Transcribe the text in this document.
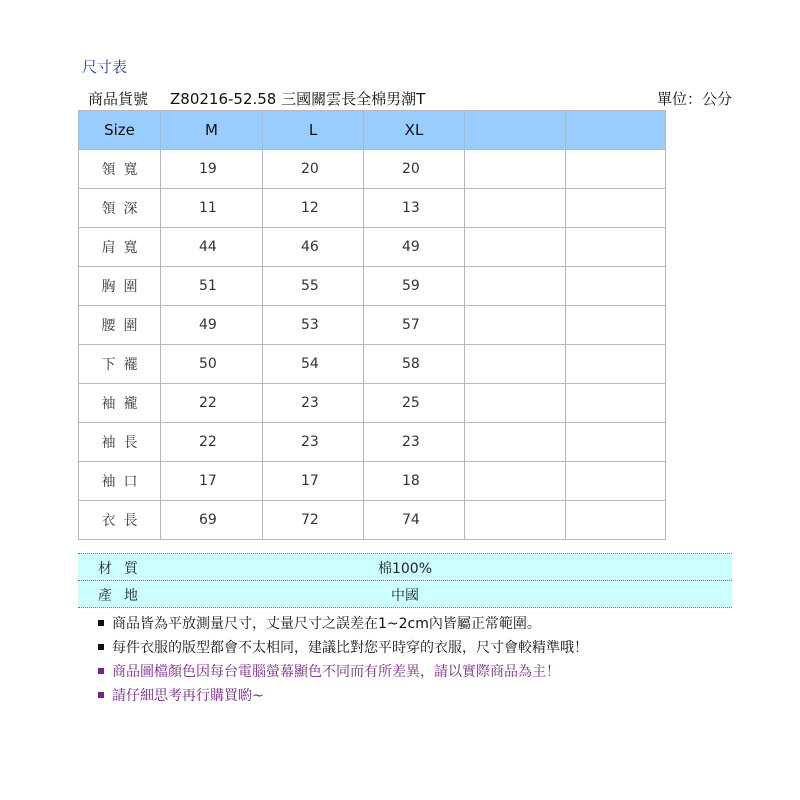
尺寸表
商品貨號 Z80216-52.58 三國關雲長全棉男潮T	單位：公分
Size	M	L	XL		
領寬	19	20	20		
領深	11	12	13		
肩寬	44	46	49		
胸圍	51	55	59		
腰圍	49	53	57		
下襬	50	54	58		
袖襱	22	23	25		
袖長	22	23	23		
袖口	17	17	18		
衣長	69	72	74		
材質	棉100%
產地	中國
商品皆為平放測量尺寸，丈量尺寸之誤差在1~2cm內皆屬正常範圍。
每件衣服的版型都會不太相同，建議比對您平時穿的衣服，尺寸會較精準哦！
商品圖檔顏色因每台電腦螢幕顯色不同而有所差異，請以實際商品為主！
請仔細思考再行購買喲~
